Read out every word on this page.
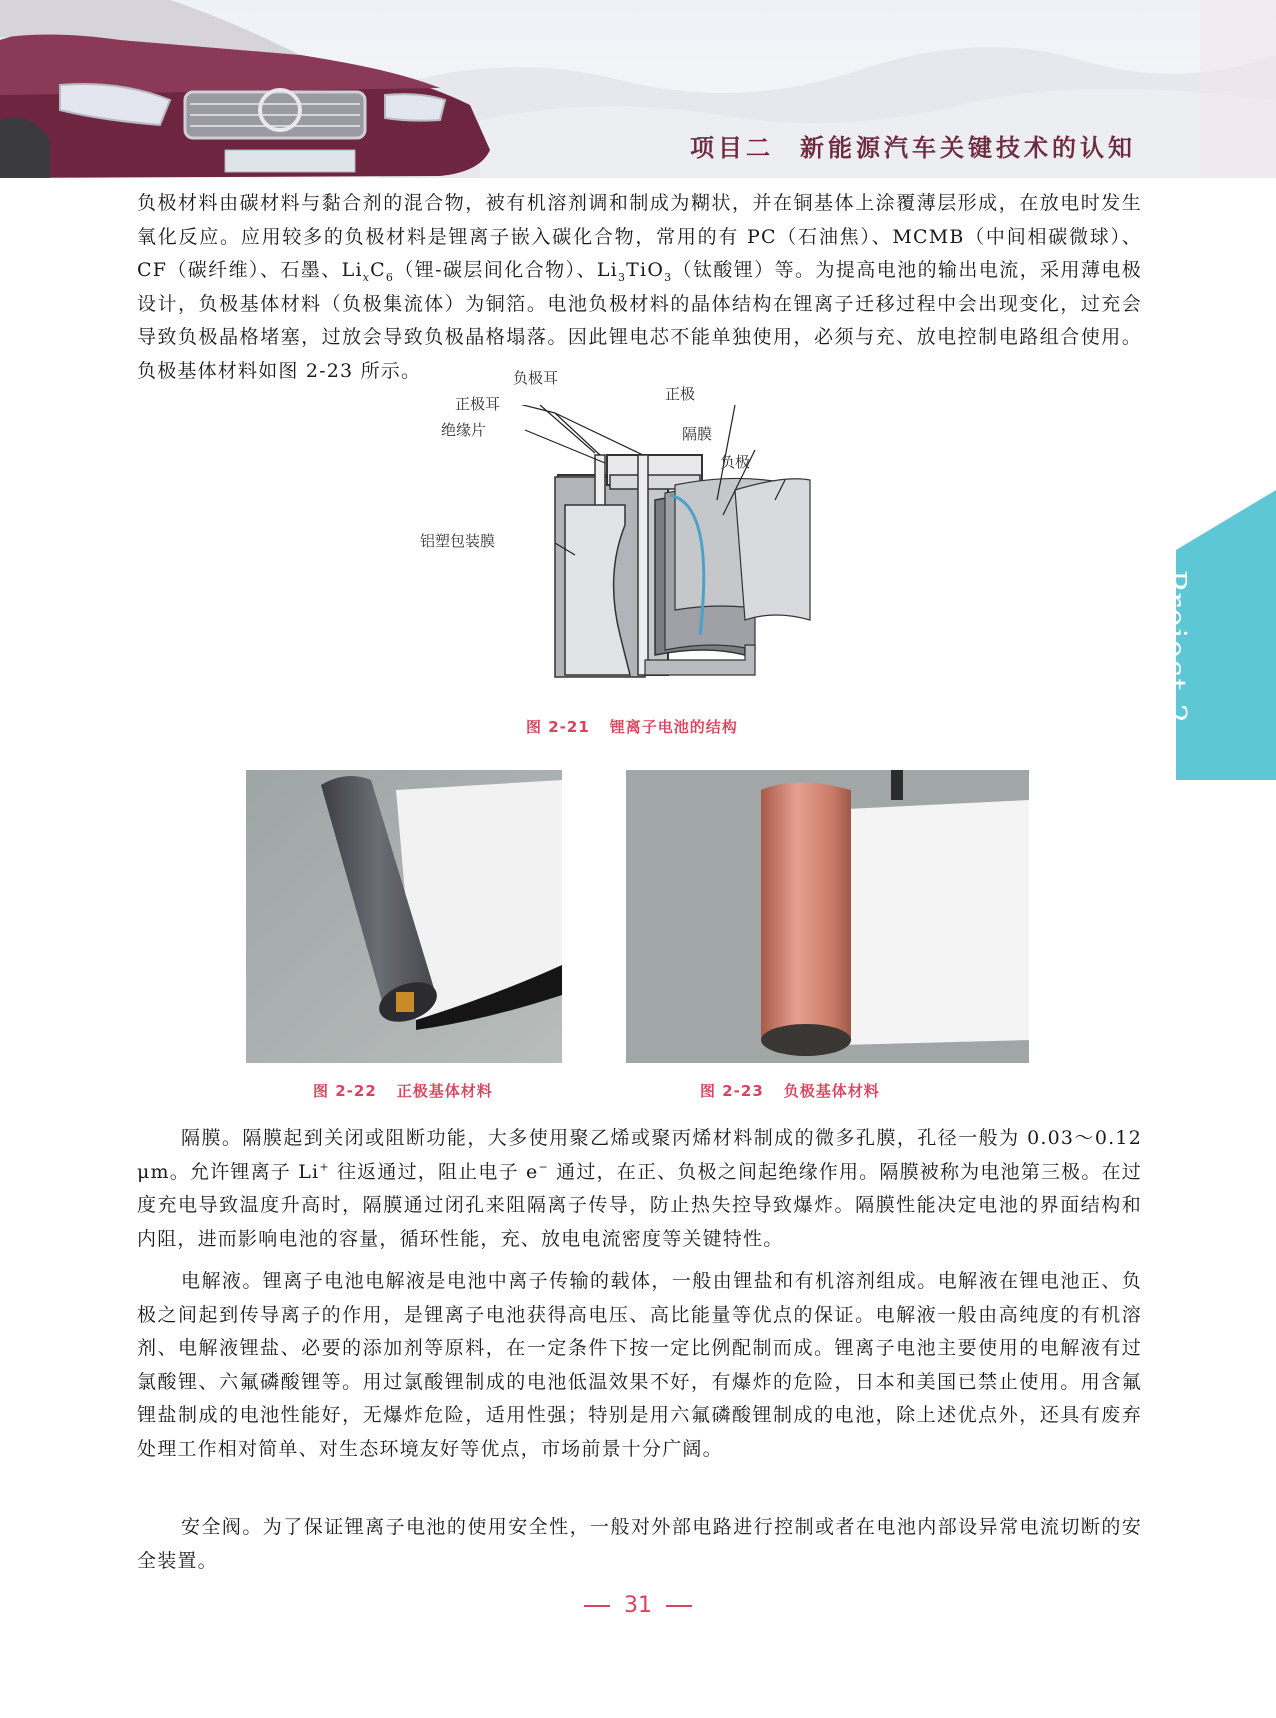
项目二 新能源汽车关键技术的认知
Project 2
负极材料由碳材料与黏合剂的混合物，被有机溶剂调和制成为糊状，并在铜基体上涂覆薄层形成，在放电时发生氧化反应。应用较多的负极材料是锂离子嵌入碳化合物，常用的有 PC（石油焦）、MCMB（中间相碳微球）、CF（碳纤维）、石墨、$Li_xC_6$（锂-碳层间化合物）、$Li_3TiO_3$（钛酸锂）等。为提高电池的输出电流，采用薄电极设计，负极基体材料（负极集流体）为铜箔。电池负极材料的晶体结构在锂离子迁移过程中会出现变化，过充会导致负极晶格堵塞，过放会导致负极晶格塌落。因此锂电芯不能单独使用，必须与充、放电控制电路组合使用。负极基体材料如图 2-23 所示。	负极耳
正极耳
绝缘片
正极
隔膜
负极
铝塑包装膜
图 2-21 锂离子电池的结构
图 2-22 正极基体材料	图 2-23 负极基体材料
隔膜。隔膜起到关闭或阻断功能，大多使用聚乙烯或聚丙烯材料制成的微多孔膜，孔径一般为 0.03～0.12 μm。允许锂离子 Li+ 往返通过，阻止电子 e− 通过，在正、负极之间起绝缘作用。隔膜被称为电池第三极。在过度充电导致温度升高时，隔膜通过闭孔来阻隔离子传导，防止热失控导致爆炸。隔膜性能决定电池的界面结构和内阻，进而影响电池的容量，循环性能，充、放电电流密度等关键特性。
电解液。锂离子电池电解液是电池中离子传输的载体，一般由锂盐和有机溶剂组成。电解液在锂电池正、负极之间起到传导离子的作用，是锂离子电池获得高电压、高比能量等优点的保证。电解液一般由高纯度的有机溶剂、电解液锂盐、必要的添加剂等原料，在一定条件下按一定比例配制而成。锂离子电池主要使用的电解液有过氯酸锂、六氟磷酸锂等。用过氯酸锂制成的电池低温效果不好，有爆炸的危险，日本和美国已禁止使用。用含氟锂盐制成的电池性能好，无爆炸危险，适用性强；特别是用六氟磷酸锂制成的电池，除上述优点外，还具有废弃处理工作相对简单、对生态环境友好等优点，市场前景十分广阔。
安全阀。为了保证锂离子电池的使用安全性，一般对外部电路进行控制或者在电池内部设异常电流切断的安全装置。
31
